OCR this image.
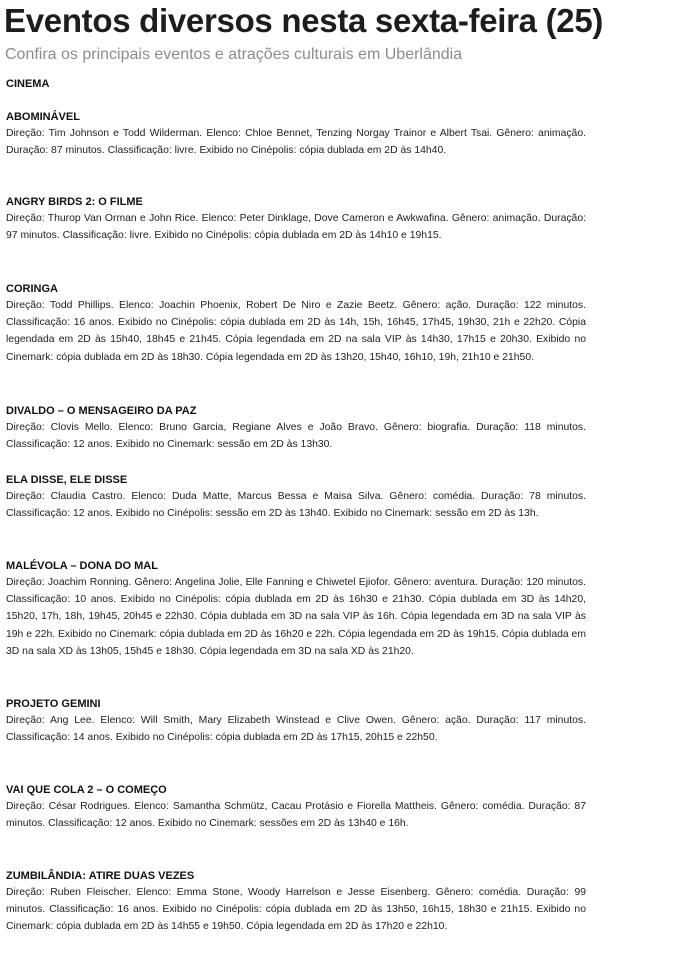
Eventos diversos nesta sexta-feira (25)

Confira os principais eventos e atrações culturais em Uberlândia

CINEMA

ABOMINÁVEL

Direção: Tim Johnson e Todd Wilderman. Elenco: Chloe Bennet, Tenzing Norgay Trainor e Albert Tsai. Gênero: animação. Duração: 87 minutos. Classificação: livre. Exibido no Cinépolis: cópia dublada em 2D às 14h40.

ANGRY BIRDS 2: O FILME

Direção: Thurop Van Orman e John Rice. Elenco: Peter Dinklage, Dove Cameron e Awkwafina. Gênero: animação. Duração: 97 minutos. Classificação: livre. Exibido no Cinépolis: cópia dublada em 2D às 14h10 e 19h15.

CORINGA

Direção: Todd Phillips. Elenco: Joachin Phoenix, Robert De Niro e Zazie Beetz. Gênero: ação. Duração: 122 minutos. Classificação: 16 anos. Exibido no Cinépolis: cópia dublada em 2D às 14h, 15h, 16h45, 17h45, 19h30, 21h e 22h20. Cópia legendada em 2D às 15h40, 18h45 e 21h45. Cópia legendada em 2D na sala VIP às 14h30, 17h15 e 20h30. Exibido no Cinemark: cópia dublada em 2D às 18h30. Cópia legendada em 2D às 13h20, 15h40, 16h10, 19h, 21h10 e 21h50.

DIVALDO – O MENSAGEIRO DA PAZ

Direção: Clovis Mello. Elenco: Bruno Garcia, Regiane Alves e João Bravo. Gênero: biografia. Duração: 118 minutos. Classificação: 12 anos. Exibido no Cinemark: sessão em 2D às 13h30.

ELA DISSE, ELE DISSE

Direção: Claudia Castro. Elenco: Duda Matte, Marcus Bessa e Maisa Silva. Gênero: comédia. Duração: 78 minutos. Classificação: 12 anos. Exibido no Cinépolis: sessão em 2D às 13h40. Exibido no Cinemark: sessão em 2D às 13h.

MALÉVOLA – DONA DO MAL

Direção: Joachim Ronning. Gênero: Angelina Jolie, Elle Fanning e Chiwetel Ejiofor. Gênero: aventura. Duração: 120 minutos. Classificação: 10 anos. Exibido no Cinépolis: cópia dublada em 2D às 16h30 e 21h30. Cópia dublada em 3D às 14h20, 15h20, 17h, 18h, 19h45, 20h45 e 22h30. Cópia dublada em 3D na sala VIP às 16h. Cópia legendada em 3D na sala VIP às 19h e 22h. Exibido no Cinemark: cópia dublada em 2D às 16h20 e 22h. Cópia legendada em 2D às 19h15. Cópia dublada em 3D na sala XD às 13h05, 15h45 e 18h30. Cópia legendada em 3D na sala XD às 21h20.

PROJETO GEMINI

Direção: Ang Lee. Elenco: Will Smith, Mary Elizabeth Winstead e Clive Owen. Gênero: ação. Duração: 117 minutos. Classificação: 14 anos. Exibido no Cinépolis: cópia dublada em 2D às 17h15, 20h15 e 22h50.

VAI QUE COLA 2 – O COMEÇO

Direção: César Rodrigues. Elenco: Samantha Schmütz, Cacau Protásio e Fiorella Mattheis. Gênero: comédia. Duração: 87 minutos. Classificação: 12 anos. Exibido no Cinemark: sessões em 2D às 13h40 e 16h.

ZUMBILÂNDIA: ATIRE DUAS VEZES

Direção: Ruben Fleischer. Elenco: Emma Stone, Woody Harrelson e Jesse Eisenberg. Gênero: comédia. Duração: 99 minutos. Classificação: 16 anos. Exibido no Cinépolis: cópia dublada em 2D às 13h50, 16h15, 18h30 e 21h15. Exibido no Cinemark: cópia dublada em 2D às 14h55 e 19h50. Cópia legendada em 2D às 17h20 e 22h10.
